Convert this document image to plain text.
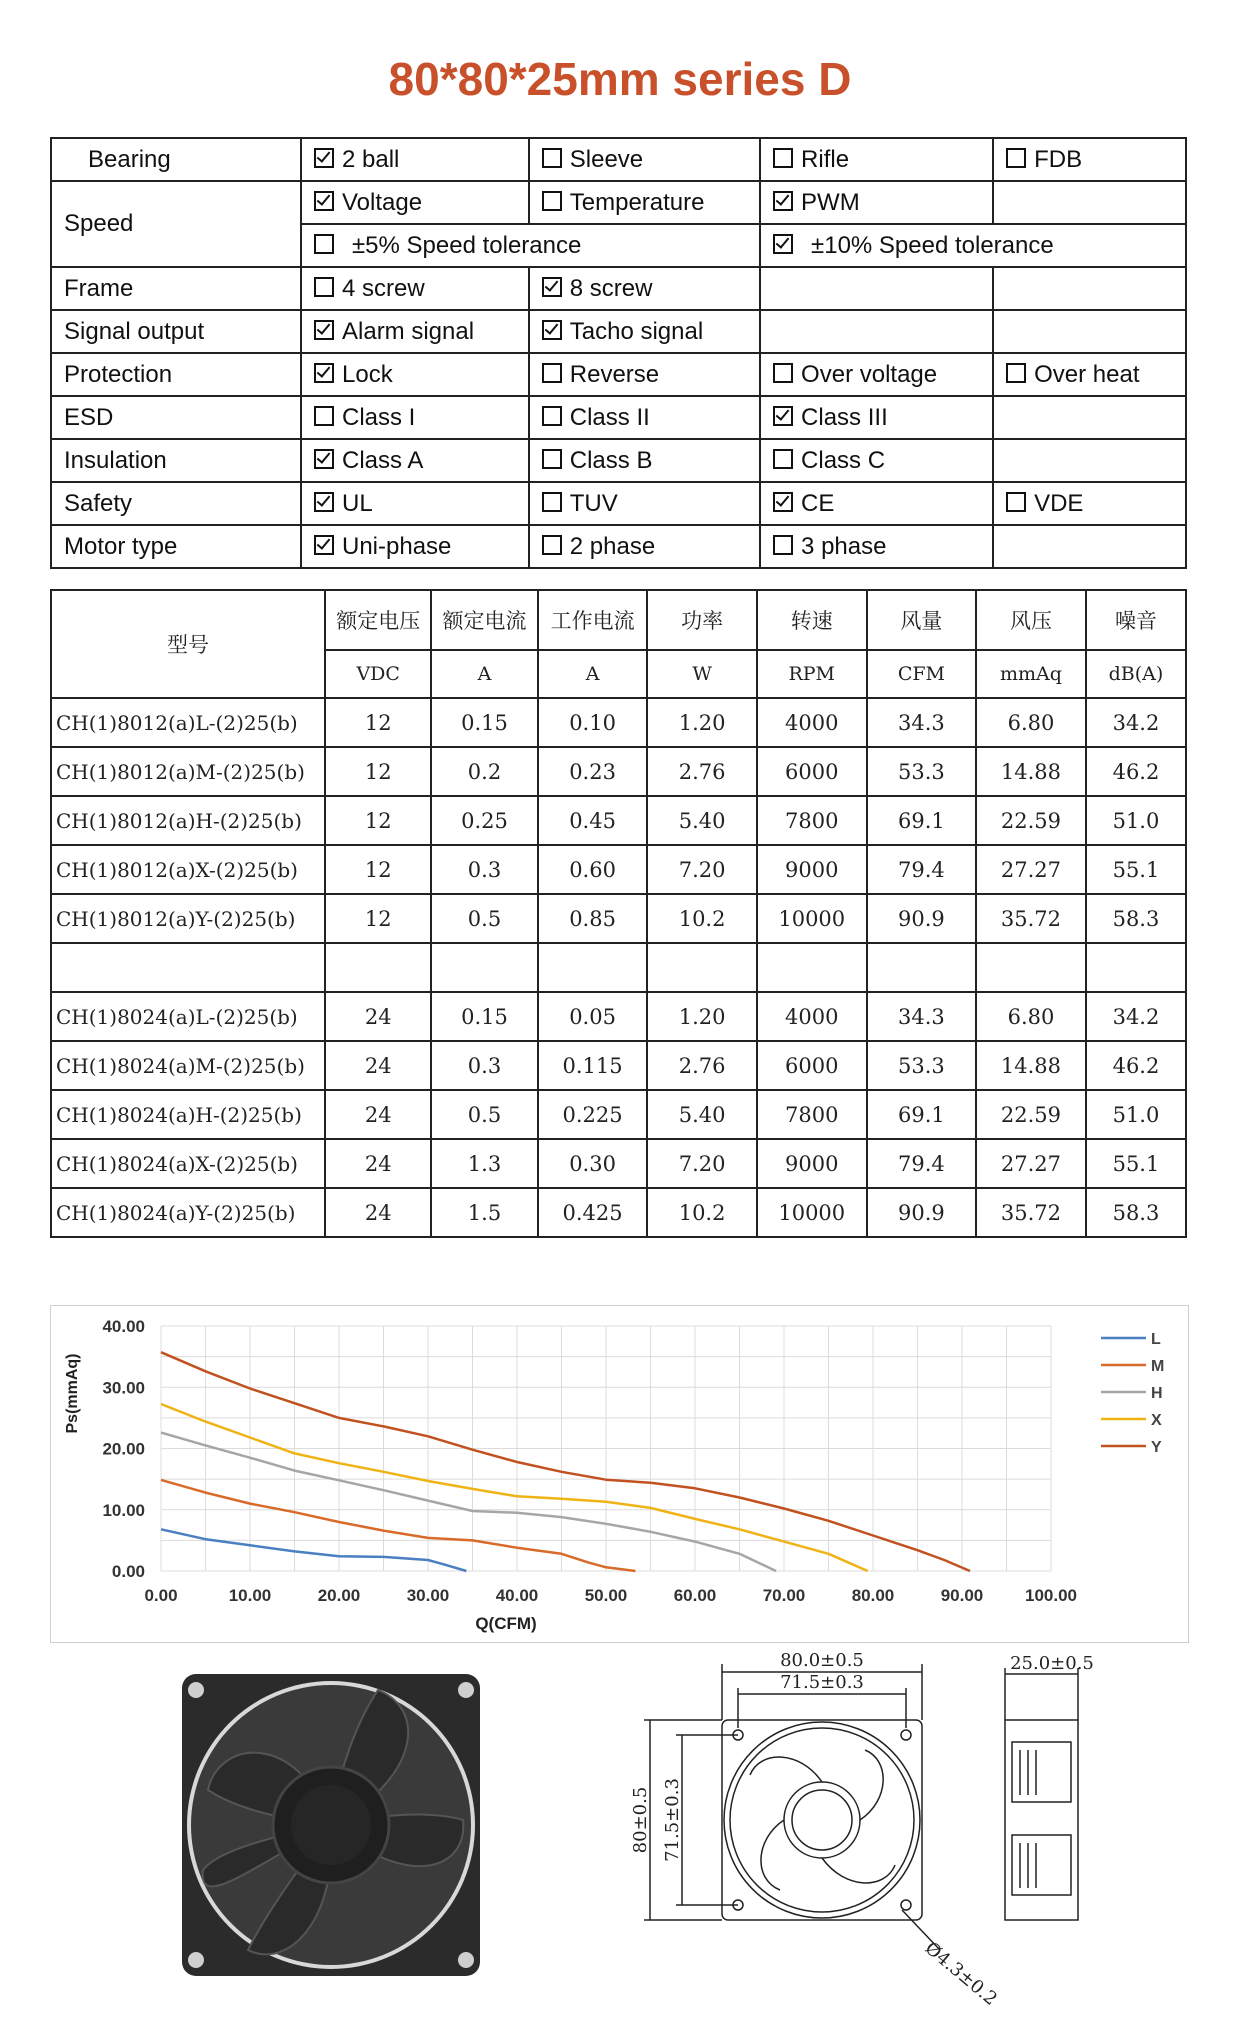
80*80*25mm series D
Bearing	2 ball	Sleeve	Rifle	FDB
Speed	Voltage	Temperature	PWM	
	±5% Speed tolerance		±10% Speed tolerance	
Frame	4 screw	8 screw		
Signal output	Alarm signal	Tacho signal		
Protection	Lock	Reverse	Over voltage	Over heat
ESD	Class I	Class II	Class III	
Insulation	Class A	Class B	Class C	
Safety	UL	TUV	CE	VDE
Motor type	Uni-phase	2 phase	3 phase	
型号	额定电压	额定电流	工作电流	功率	转速	风量	风压	噪音
	VDC	A	A	W	RPM	CFM	mmAq	dB(A)
CH(1)8012(a)L-(2)25(b)	12	0.15	0.10	1.20	4000	34.3	6.80	34.2
CH(1)8012(a)M-(2)25(b)	12	0.2	0.23	2.76	6000	53.3	14.88	46.2
CH(1)8012(a)H-(2)25(b)	12	0.25	0.45	5.40	7800	69.1	22.59	51.0
CH(1)8012(a)X-(2)25(b)	12	0.3	0.60	7.20	9000	79.4	27.27	55.1
CH(1)8012(a)Y-(2)25(b)	12	0.5	0.85	10.2	10000	90.9	35.72	58.3

CH(1)8024(a)L-(2)25(b)	24	0.15	0.05	1.20	4000	34.3	6.80	34.2
CH(1)8024(a)M-(2)25(b)	24	0.3	0.115	2.76	6000	53.3	14.88	46.2
CH(1)8024(a)H-(2)25(b)	24	0.5	0.225	5.40	7800	69.1	22.59	51.0
CH(1)8024(a)X-(2)25(b)	24	1.3	0.30	7.20	9000	79.4	27.27	55.1
CH(1)8024(a)Y-(2)25(b)	24	1.5	0.425	10.2	10000	90.9	35.72	58.3
0.00	10.00	20.00	30.00	40.00	50.00	60.00	70.00	80.00	90.00 100.00
0.00
10.00
20.00
30.00
40.00
Q(CFM)
Ps(mmAq)
L
M
H
X
Y
80.0±0.5
71.5±0.3
80±0.5 71.5±0.3
Ø4.3±0.2
25.0±0.5
